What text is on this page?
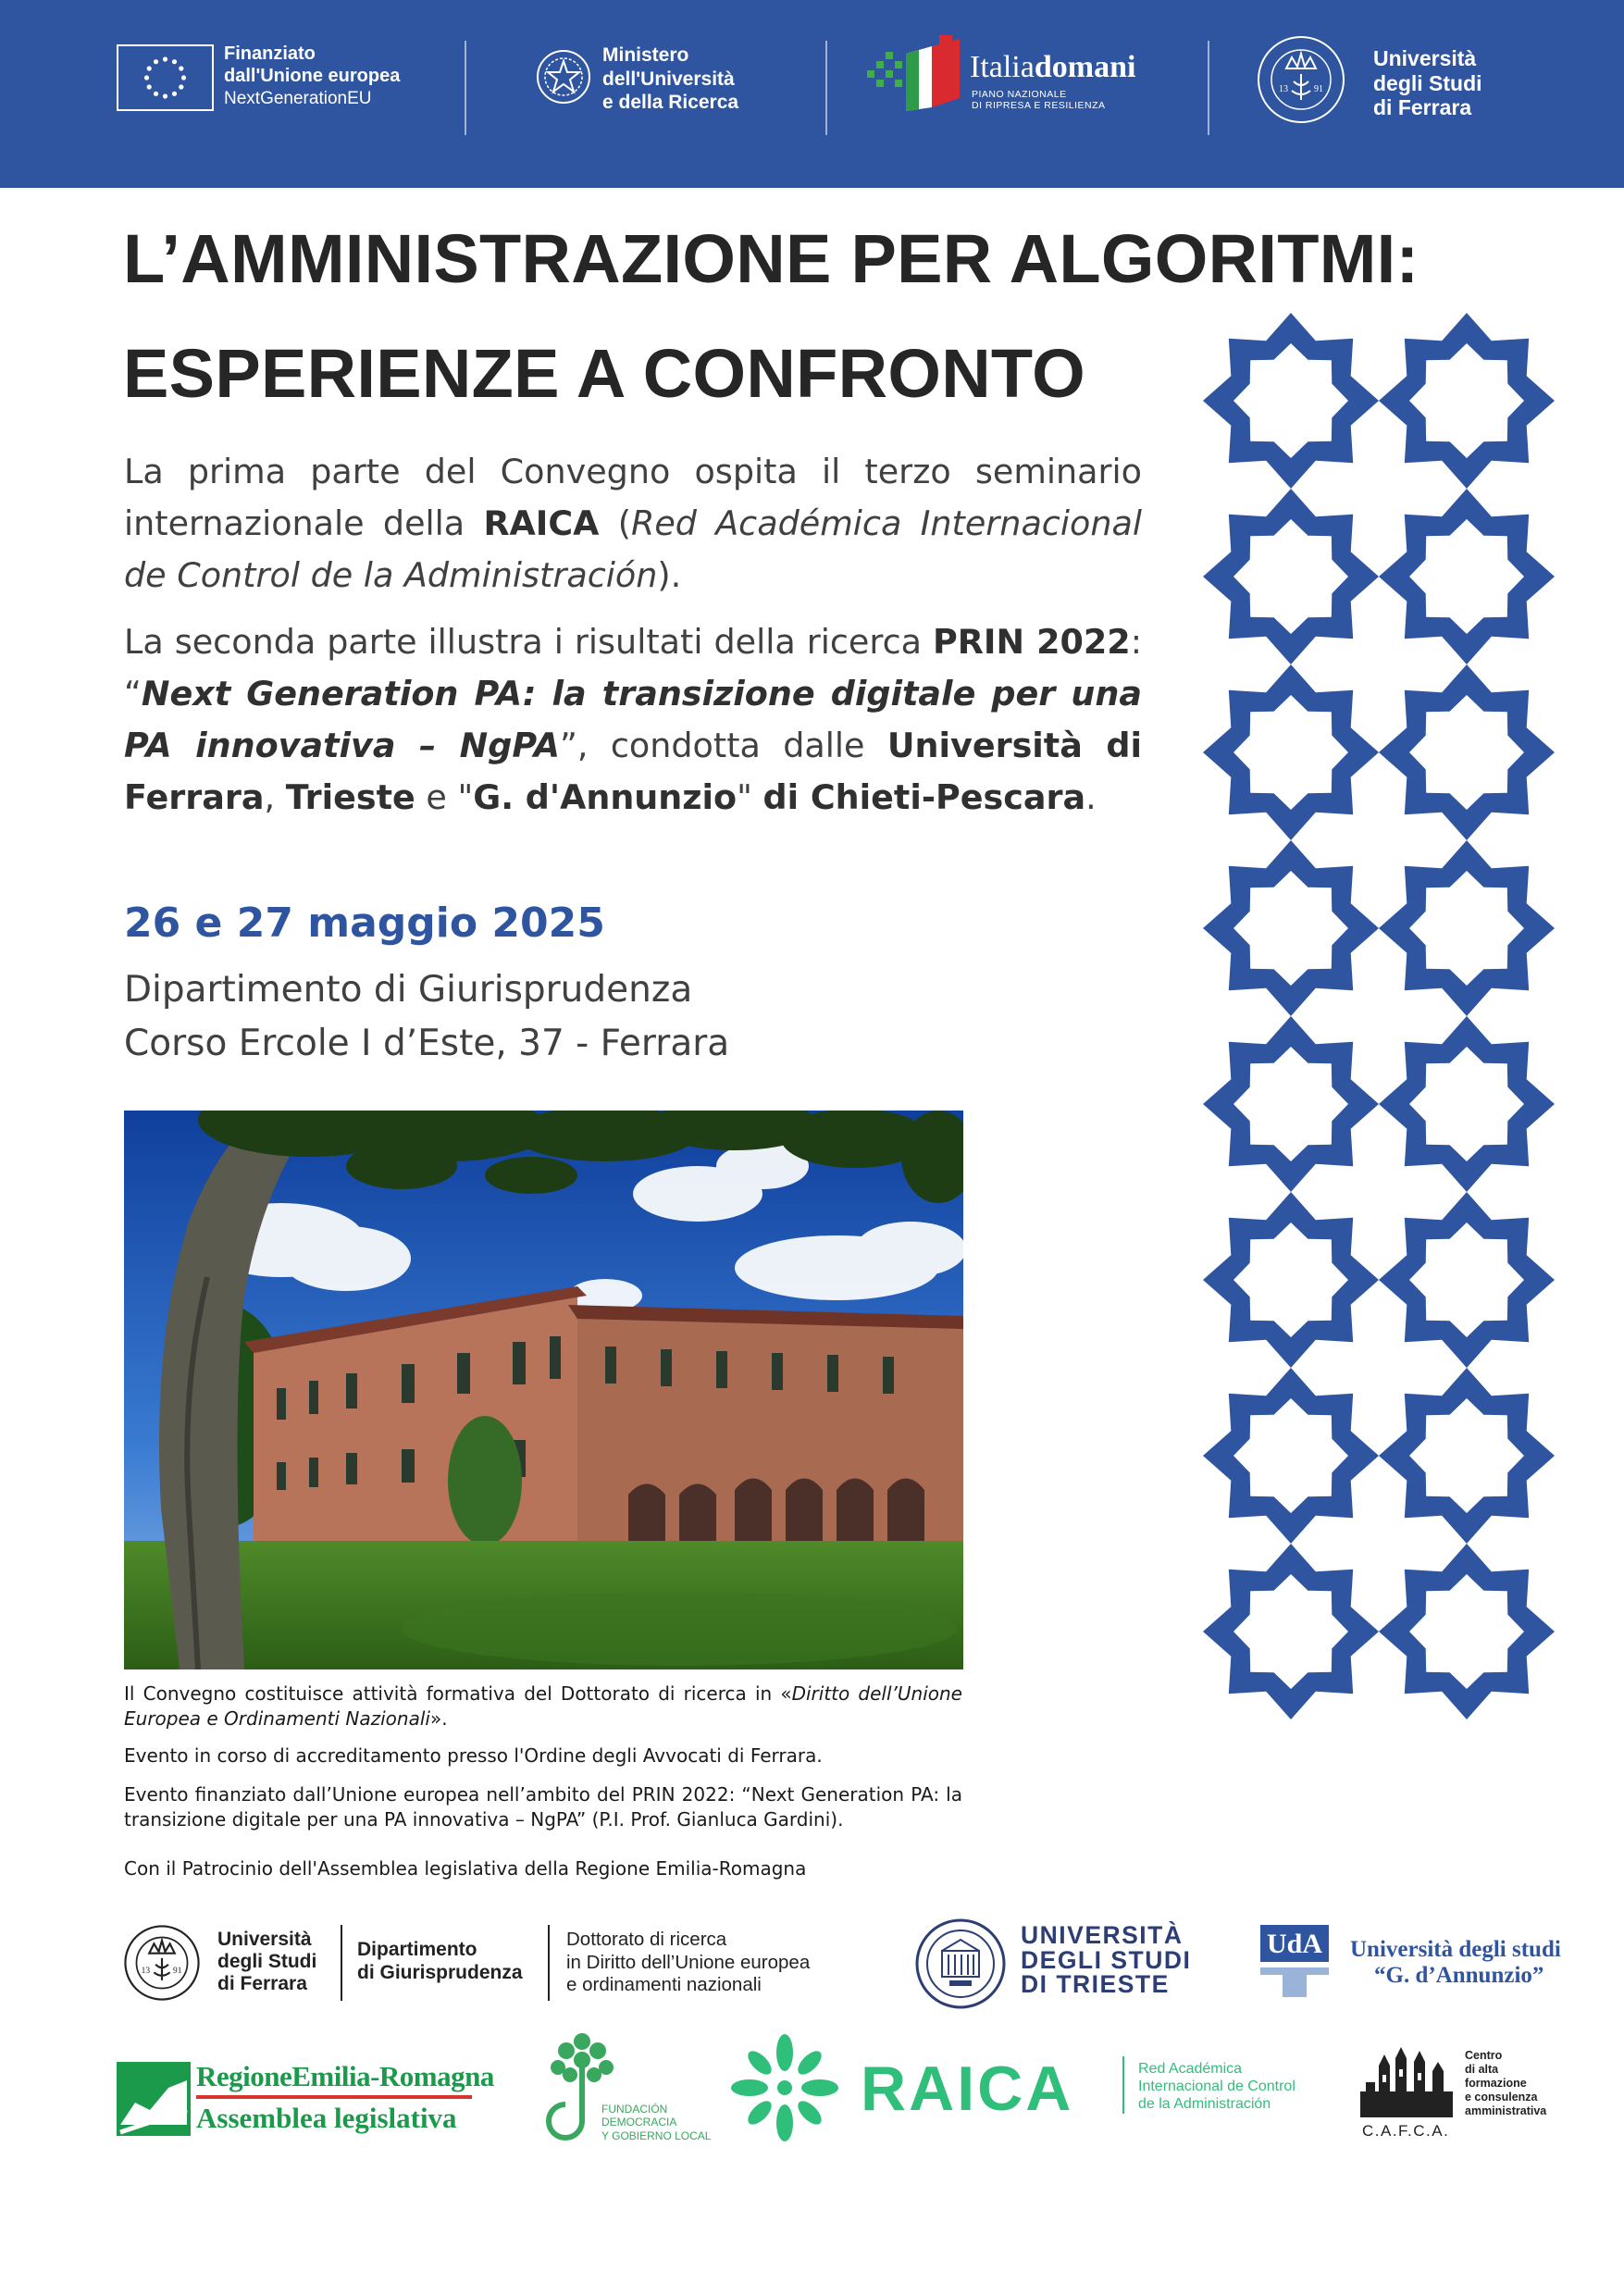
Finanziato
dall'Unione europea
NextGenerationEU
Ministero
dell'Università
e della Ricerca
Italiadomani
PIANO NAZIONALE
DI RIPRESA E RESILIENZA
13	91
Università
degli Studi
di Ferrara
L’AMMINISTRAZIONE PER ALGORITMI:
ESPERIENZE A CONFRONTO
La prima parte del Convegno ospita il terzo seminario internazionale della RAICA (Red Académica Internacional de Control de la Administración).
La seconda parte illustra i risultati della ricerca PRIN 2022: “Next Generation PA: la transizione digitale per una PA innovativa – NgPA”, condotta dalle Università di Ferrara, Trieste e "G. d'Annunzio" di Chieti-Pescara.
26 e 27 maggio 2025
Dipartimento di Giurisprudenza
Corso Ercole I d’Este, 37 - Ferrara
Il Convegno costituisce attività formativa del Dottorato di ricerca in «Diritto dell’Unione Europea e Ordinamenti Nazionali».
Evento in corso di accreditamento presso l'Ordine degli Avvocati di Ferrara.
Evento finanziato dall’Unione europea nell’ambito del PRIN 2022: “Next Generation PA: la transizione digitale per una PA innovativa – NgPA” (P.I. Prof. Gianluca Gardini).
Con il Patrocinio dell'Assemblea legislativa della Regione Emilia-Romagna
13 91
Università
degli Studi
di Ferrara
Dipartimento
di Giurisprudenza
Dottorato di ricerca
in Diritto dell’Unione europea
e ordinamenti nazionali
UNIVERSITÀ
DEGLI STUDI
DI TRIESTE
UdA Università degli studi
“G. d’Annunzio”
RegioneEmilia-Romagna
Assemblea legislativa	FUNDACIÓN
DEMOCRACIA
Y GOBIERNO LOCAL
RAICA	Red Académica
Internacional de Control
de la Administración
C.A.F.C.A.
Centro
di alta
formazione
e consulenza
amministrativa
